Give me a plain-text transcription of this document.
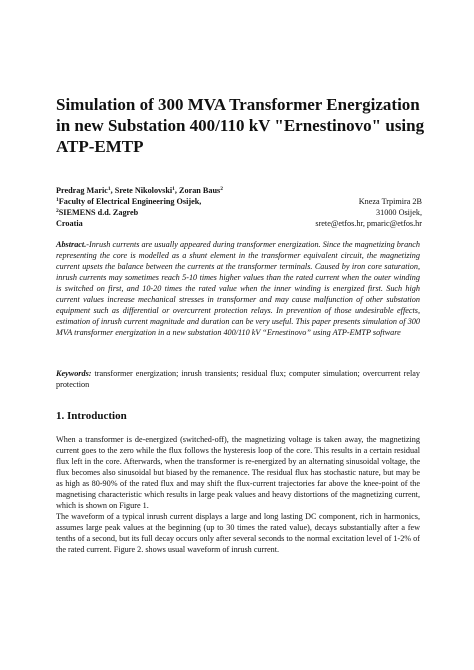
Simulation of 300 MVA Transformer Energization in new Substation 400/110 kV "Ernestinovo" using ATP-EMTP
Predrag Maric$^1$, Srete Nikolovski$^1$, Zoran Baus$^2$
$^1$Faculty of Electrical Engineering Osijek,	Kneza Trpimira 2B
$^2$SIEMENS d.d. Zagreb	31000 Osijek,
Croatia	srete@etfos.hr, pmaric@etfos.hr

Abstract.-Inrush currents are usually appeared during transformer energization. Since the magnetizing branch representing the core is modelled as a shunt element in the transformer equivalent circuit, the magnetizing current upsets the balance between the currents at the transformer terminals. Caused by iron core saturation, inrush currents may sometimes reach 5-10 times higher values than the rated current when the outer winding is switched on first, and 10-20 times the rated value when the inner winding is energized first. Such high current values increase mechanical stresses in transformer and may cause malfunction of other substation equipment such as differential or overcurrent protection relays. In prevention of those undesirable effects, estimation of inrush current magnitude and duration can be very useful. This paper presents simulation of 300 MVA transformer energization in a new substation 400/110 kV “Ernestinovo” using ATP-EMTP software

Keywords: transformer energization; inrush transients; residual flux; computer simulation; overcurrent relay protection

1. Introduction

When a transformer is de-energized (switched-off), the magnetizing voltage is taken away, the magnetizing current goes to the zero while the flux follows the hysteresis loop of the core. This results in a certain residual flux left in the core. Afterwards, when the transformer is re-energized by an alternating sinusoidal voltage, the flux becomes also sinusoidal but biased by the remanence. The residual flux has stochastic nature, but may be as high as 80-90% of the rated flux and may shift the flux-current trajectories far above the knee-point of the magnetising characteristic which results in large peak values and heavy distortions of the magnetizing current, which is shown on Figure 1.

The waveform of a typical inrush current displays a large and long lasting DC component, rich in harmonics, assumes large peak values at the beginning (up to 30 times the rated value), decays substantially after a few tenths of a second, but its full decay occurs only after several seconds to the normal excitation level of 1-2% of the rated current. Figure 2. shows usual waveform of inrush current.
